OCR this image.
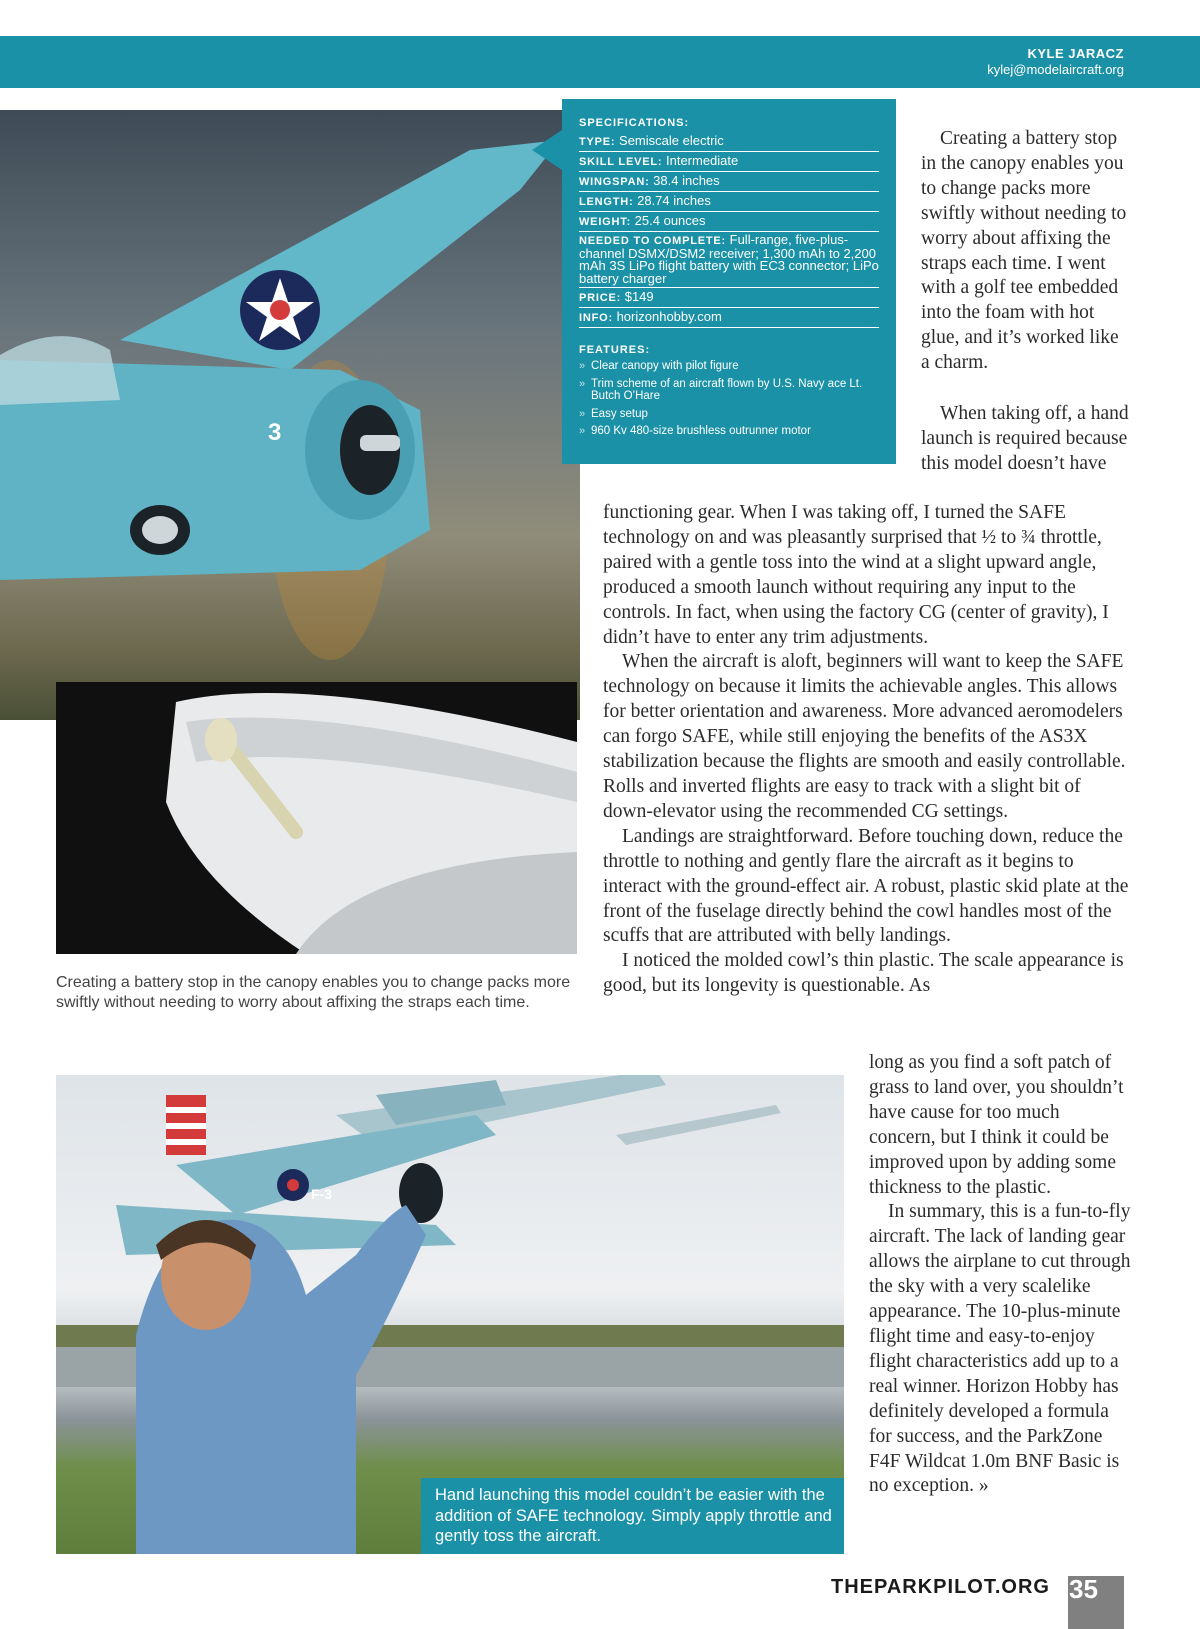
KYLE JARACZ
kylej@modelaircraft.org
3
Creating a battery stop in the canopy enables you to change packs more swiftly without needing to worry about affixing the straps each time.
SPECIFICATIONS:
TYPE: Semiscale electric
SKILL LEVEL: Intermediate
WINGSPAN: 38.4 inches
LENGTH: 28.74 inches
WEIGHT: 25.4 ounces
NEEDED TO COMPLETE: Full-range, five-plus-channel DSMX/DSM2 receiver; 1,300 mAh to 2,200 mAh 3S LiPo flight battery with EC3 connector; LiPo battery charger
PRICE: $149
INFO: horizonhobby.com
FEATURES:
» Clear canopy with pilot figure
» Trim scheme of an aircraft flown by U.S. Navy ace Lt. Butch O’Hare
» Easy setup
» 960 Kv 480-size brushless outrunner motor

Creating a battery stop in the canopy enables you to change packs more swiftly without needing to worry about affixing the straps each time. I went with a golf tee embedded into the foam with hot glue, and it’s worked like a charm.

When taking off, a hand launch is required because this model doesn’t have

functioning gear. When I was taking off, I turned the SAFE technology on and was pleasantly surprised that ½ to ¾ throttle, paired with a gentle toss into the wind at a slight upward angle, produced a smooth launch without requiring any input to the controls. In fact, when using the factory CG (center of gravity), I didn’t have to enter any trim adjustments.

When the aircraft is aloft, beginners will want to keep the SAFE technology on because it limits the achievable angles. This allows for better orientation and awareness. More advanced aeromodelers can forgo SAFE, while still enjoying the benefits of the AS3X stabilization because the flights are smooth and easily controllable. Rolls and inverted flights are easy to track with a slight bit of down-elevator using the recommended CG settings.

Landings are straightforward. Before touching down, reduce the throttle to nothing and gently flare the aircraft as it begins to interact with the ground-effect air. A robust, plastic skid plate at the front of the fuselage directly behind the cowl handles most of the scuffs that are attributed with belly landings.

I noticed the molded cowl’s thin plastic. The scale appearance is good, but its longevity is questionable. As

long as you find a soft patch of grass to land over, you shouldn’t have cause for too much concern, but I think it could be improved upon by adding some thickness to the plastic.

In summary, this is a fun-to-fly aircraft. The lack of landing gear allows the airplane to cut through the sky with a very scalelike appearance. The 10-plus-minute flight time and easy-to-enjoy flight characteristics add up to a real winner. Horizon Hobby has definitely developed a formula for success, and the ParkZone F4F Wildcat 1.0m BNF Basic is no exception. »

F-3
Hand launching this model couldn’t be easier with the addition of SAFE technology. Simply apply throttle and gently toss the aircraft.
THEPARKPILOT.ORG 35
